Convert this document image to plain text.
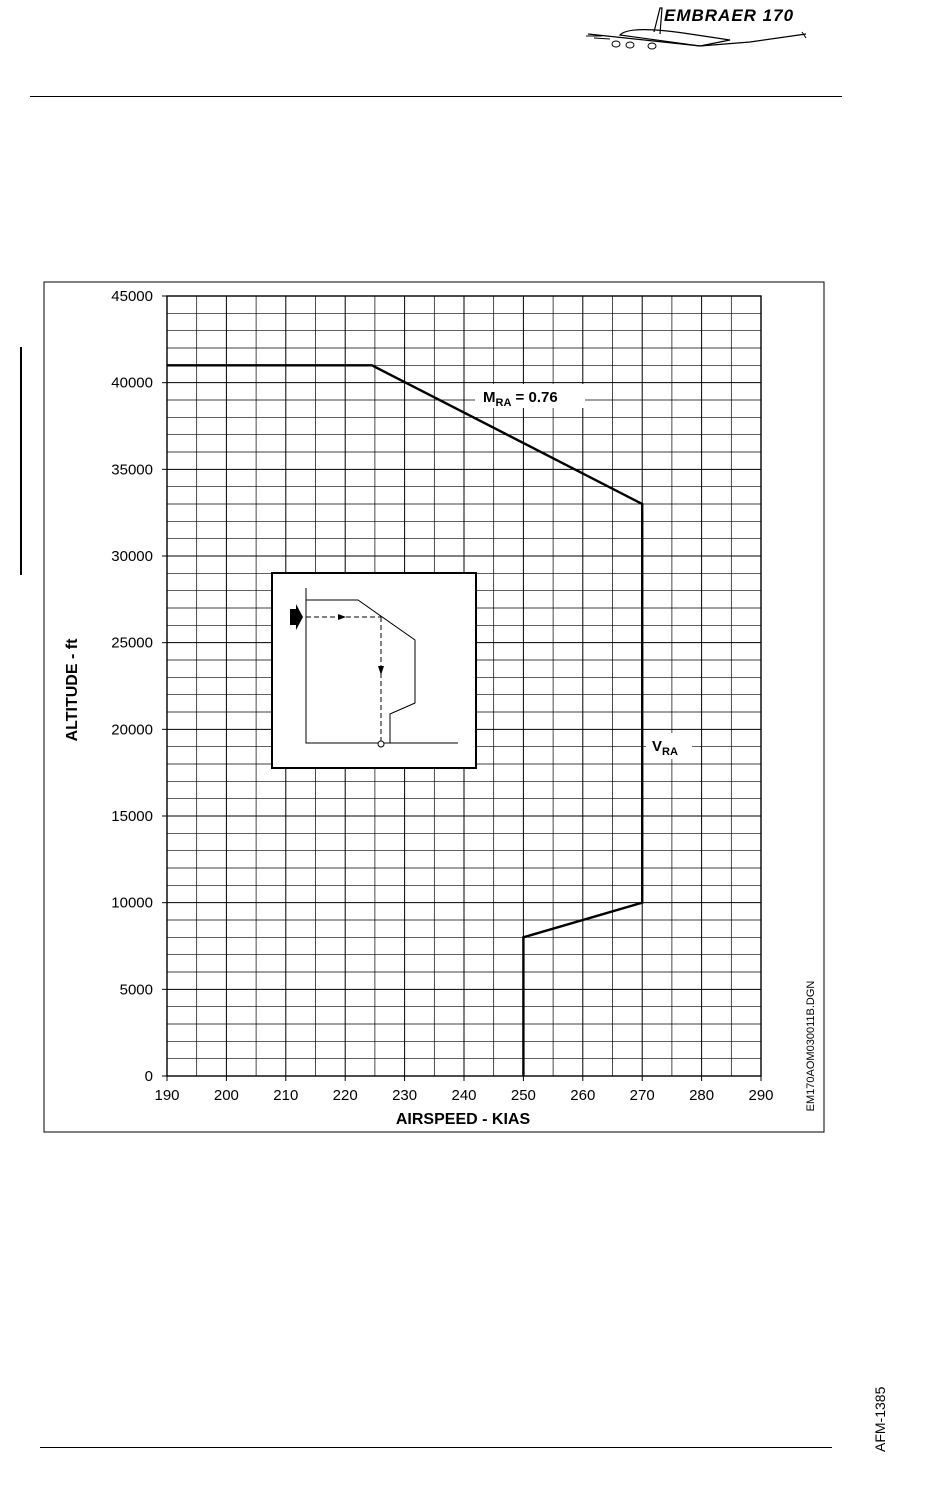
EMBRAER 170
190 200 210 220 230 240 250 260 270 280 290
0
5000
10000
15000
20000
25000
30000
35000
40000
45000
$M_{RA} = 0.76$
$V_{RA}$
AIRSPEED - KIAS
ALTITUDE - ft
EM170AOM030011B.DGN
AFM-1385
